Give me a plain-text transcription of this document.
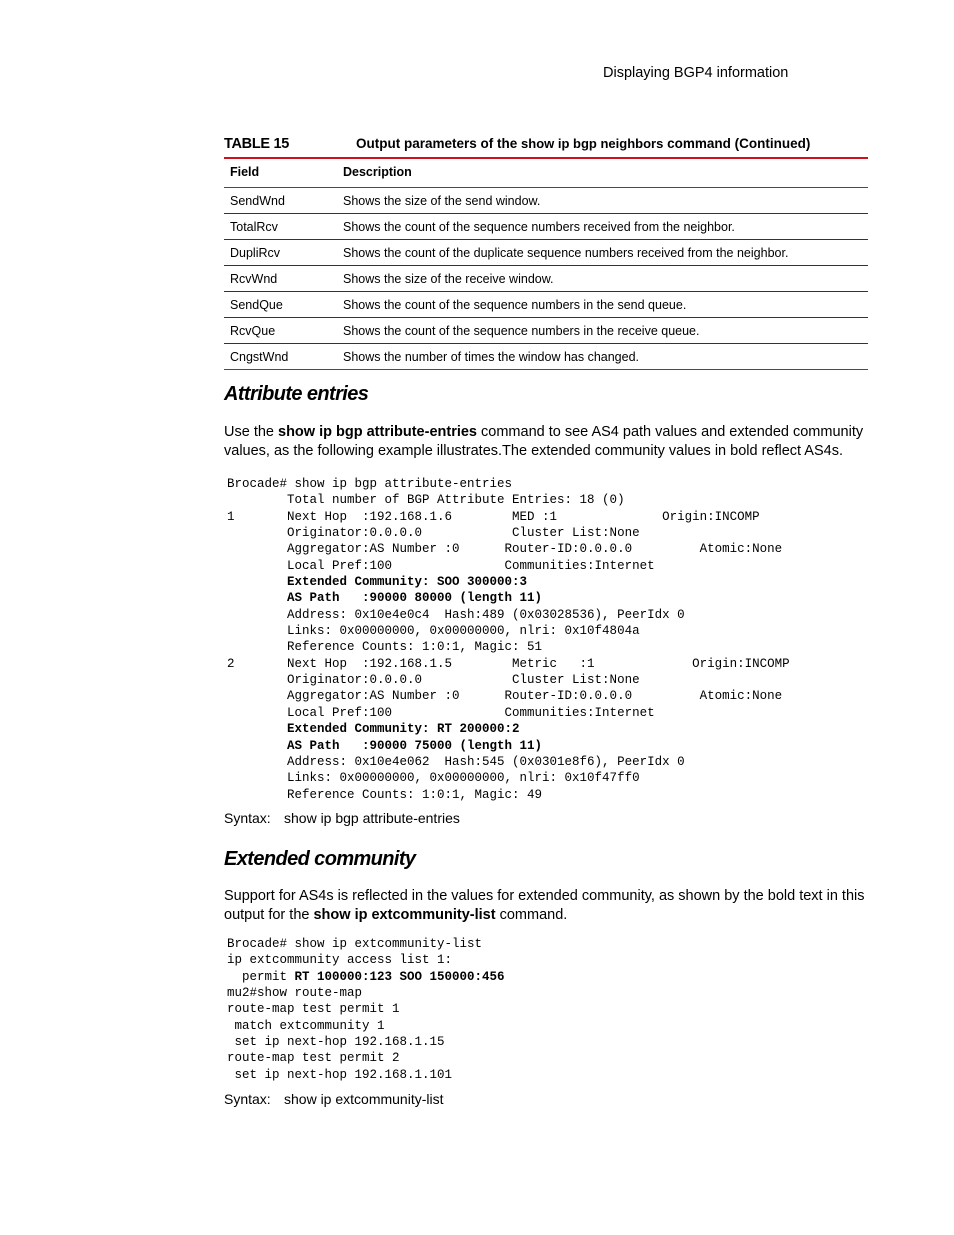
Displaying BGP4 information
TABLE 15	Output parameters of the show ip bgp neighbors command (Continued)
Field	Description
SendWnd	Shows the size of the send window.
TotalRcv	Shows the count of the sequence numbers received from the neighbor.
DupliRcv	Shows the count of the duplicate sequence numbers received from the neighbor.
RcvWnd	Shows the size of the receive window.
SendQue	Shows the count of the sequence numbers in the send queue.
RcvQue	Shows the count of the sequence numbers in the receive queue.
CngstWnd	Shows the number of times the window has changed.
Attribute entries
Use the show ip bgp attribute-entries command to see AS4 path values and extended community values, as the following example illustrates.The extended community values in bold reflect AS4s.
Brocade# show ip bgp attribute-entries
Total number of BGP Attribute Entries: 18 (0)
1       Next Hop  :192.168.1.6        MED :1              Origin:INCOMP
Originator:0.0.0.0            Cluster List:None
Aggregator:AS Number :0      Router-ID:0.0.0.0         Atomic:None
Local Pref:100               Communities:Internet
Extended Community: SOO 300000:3
AS Path   :90000 80000 (length 11)
Address: 0x10e4e0c4  Hash:489 (0x03028536), PeerIdx 0
Links: 0x00000000, 0x00000000, nlri: 0x10f4804a
Reference Counts: 1:0:1, Magic: 51
2       Next Hop  :192.168.1.5        Metric   :1             Origin:INCOMP
Originator:0.0.0.0            Cluster List:None
Aggregator:AS Number :0      Router-ID:0.0.0.0         Atomic:None
Local Pref:100               Communities:Internet
Extended Community: RT 200000:2
AS Path   :90000 75000 (length 11)
Address: 0x10e4e062  Hash:545 (0x0301e8f6), PeerIdx 0
Links: 0x00000000, 0x00000000, nlri: 0x10f47ff0
Reference Counts: 1:0:1, Magic: 49
Syntax: show ip bgp attribute-entries
Extended community
Support for AS4s is reflected in the values for extended community, as shown by the bold text in this output for the show ip extcommunity-list command.
Brocade# show ip extcommunity-list
ip extcommunity access list 1:
permit RT 100000:123 SOO 150000:456
mu2#show route-map
route-map test permit 1
match extcommunity 1
set ip next-hop 192.168.1.15
route-map test permit 2
set ip next-hop 192.168.1.101
Syntax: show ip extcommunity-list
